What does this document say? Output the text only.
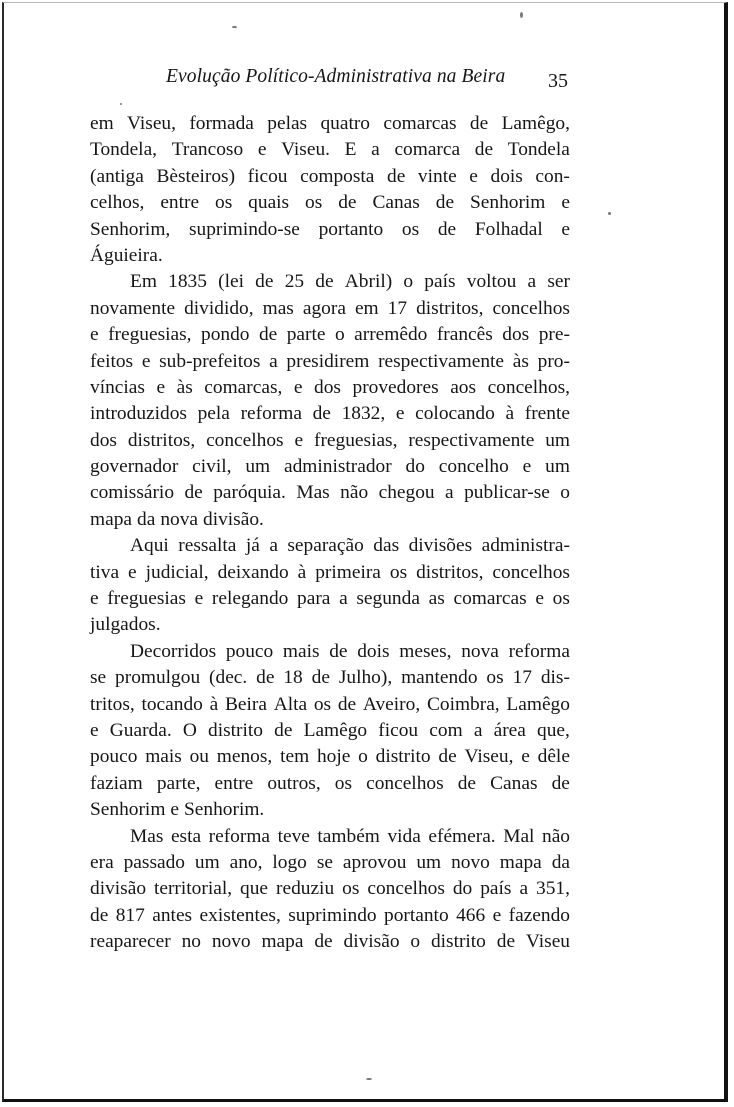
Evolução Político-Administrativa na Beira 35
em Viseu, formada pelas quatro comarcas de Lamêgo,
Tondela, Trancoso e Viseu. E a comarca de Tondela
(antiga Bèsteiros) ficou composta de vinte e dois con-
celhos, entre os quais os de Canas de Senhorim e
Senhorim, suprimindo-se portanto os de Folhadal e
Águieira.
Em 1835 (lei de 25 de Abril) o país voltou a ser
novamente dividido, mas agora em 17 distritos, concelhos
e freguesias, pondo de parte o arremêdo francês dos pre-
feitos e sub-prefeitos a presidirem respectivamente às pro-
víncias e às comarcas, e dos provedores aos concelhos,
introduzidos pela reforma de 1832, e colocando à frente
dos distritos, concelhos e freguesias, respectivamente um
governador civil, um administrador do concelho e um
comissário de paróquia. Mas não chegou a publicar-se o
mapa da nova divisão.
Aqui ressalta já a separação das divisões administra-
tiva e judicial, deixando à primeira os distritos, concelhos
e freguesias e relegando para a segunda as comarcas e os
julgados.
Decorridos pouco mais de dois meses, nova reforma
se promulgou (dec. de 18 de Julho), mantendo os 17 dis-
tritos, tocando à Beira Alta os de Aveiro, Coimbra, Lamêgo
e Guarda. O distrito de Lamêgo ficou com a área que,
pouco mais ou menos, tem hoje o distrito de Viseu, e dêle
faziam parte, entre outros, os concelhos de Canas de
Senhorim e Senhorim.
Mas esta reforma teve também vida efémera. Mal não
era passado um ano, logo se aprovou um novo mapa da
divisão territorial, que reduziu os concelhos do país a 351,
de 817 antes existentes, suprimindo portanto 466 e fazendo
reaparecer no novo mapa de divisão o distrito de Viseu
